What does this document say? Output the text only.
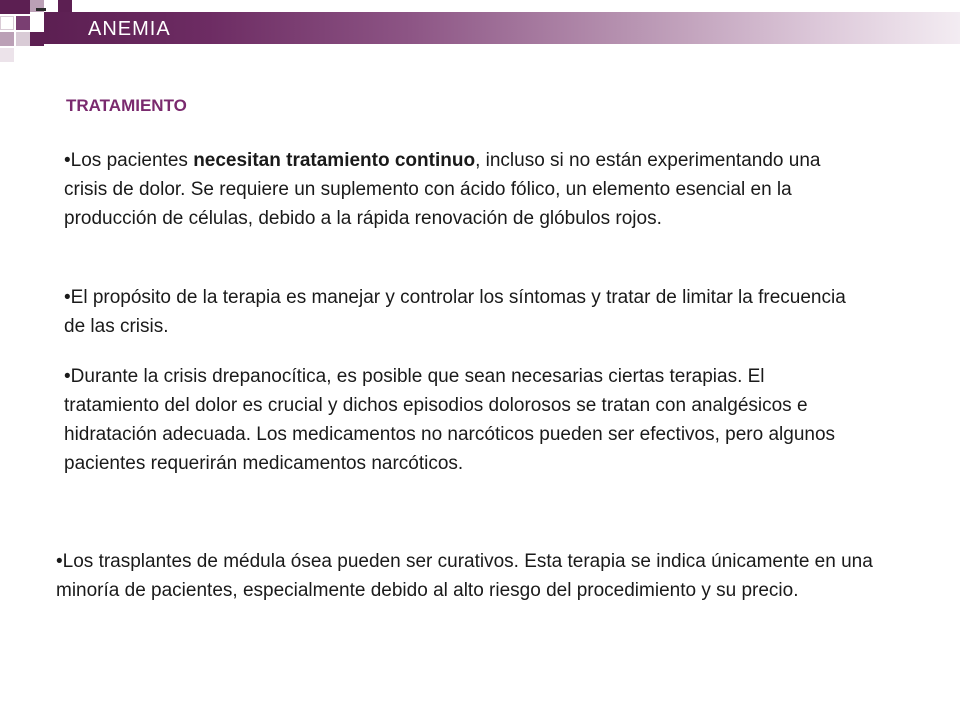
ANEMIA
TRATAMIENTO

•Los pacientes necesitan tratamiento continuo, incluso si no están experimentando una crisis de dolor. Se requiere un suplemento con ácido fólico, un elemento esencial en la producción de células, debido a la rápida renovación de glóbulos rojos.

•El propósito de la terapia es manejar y controlar los síntomas y tratar de limitar la frecuencia de las crisis.

•Durante la crisis drepanocítica, es posible que sean necesarias ciertas terapias. El tratamiento del dolor es crucial y dichos episodios dolorosos se tratan con analgésicos e hidratación adecuada. Los medicamentos no narcóticos pueden ser efectivos, pero algunos pacientes requerirán medicamentos narcóticos.

•Los trasplantes de médula ósea pueden ser curativos. Esta terapia se indica únicamente en una minoría de pacientes, especialmente debido al alto riesgo del procedimiento y su precio.
